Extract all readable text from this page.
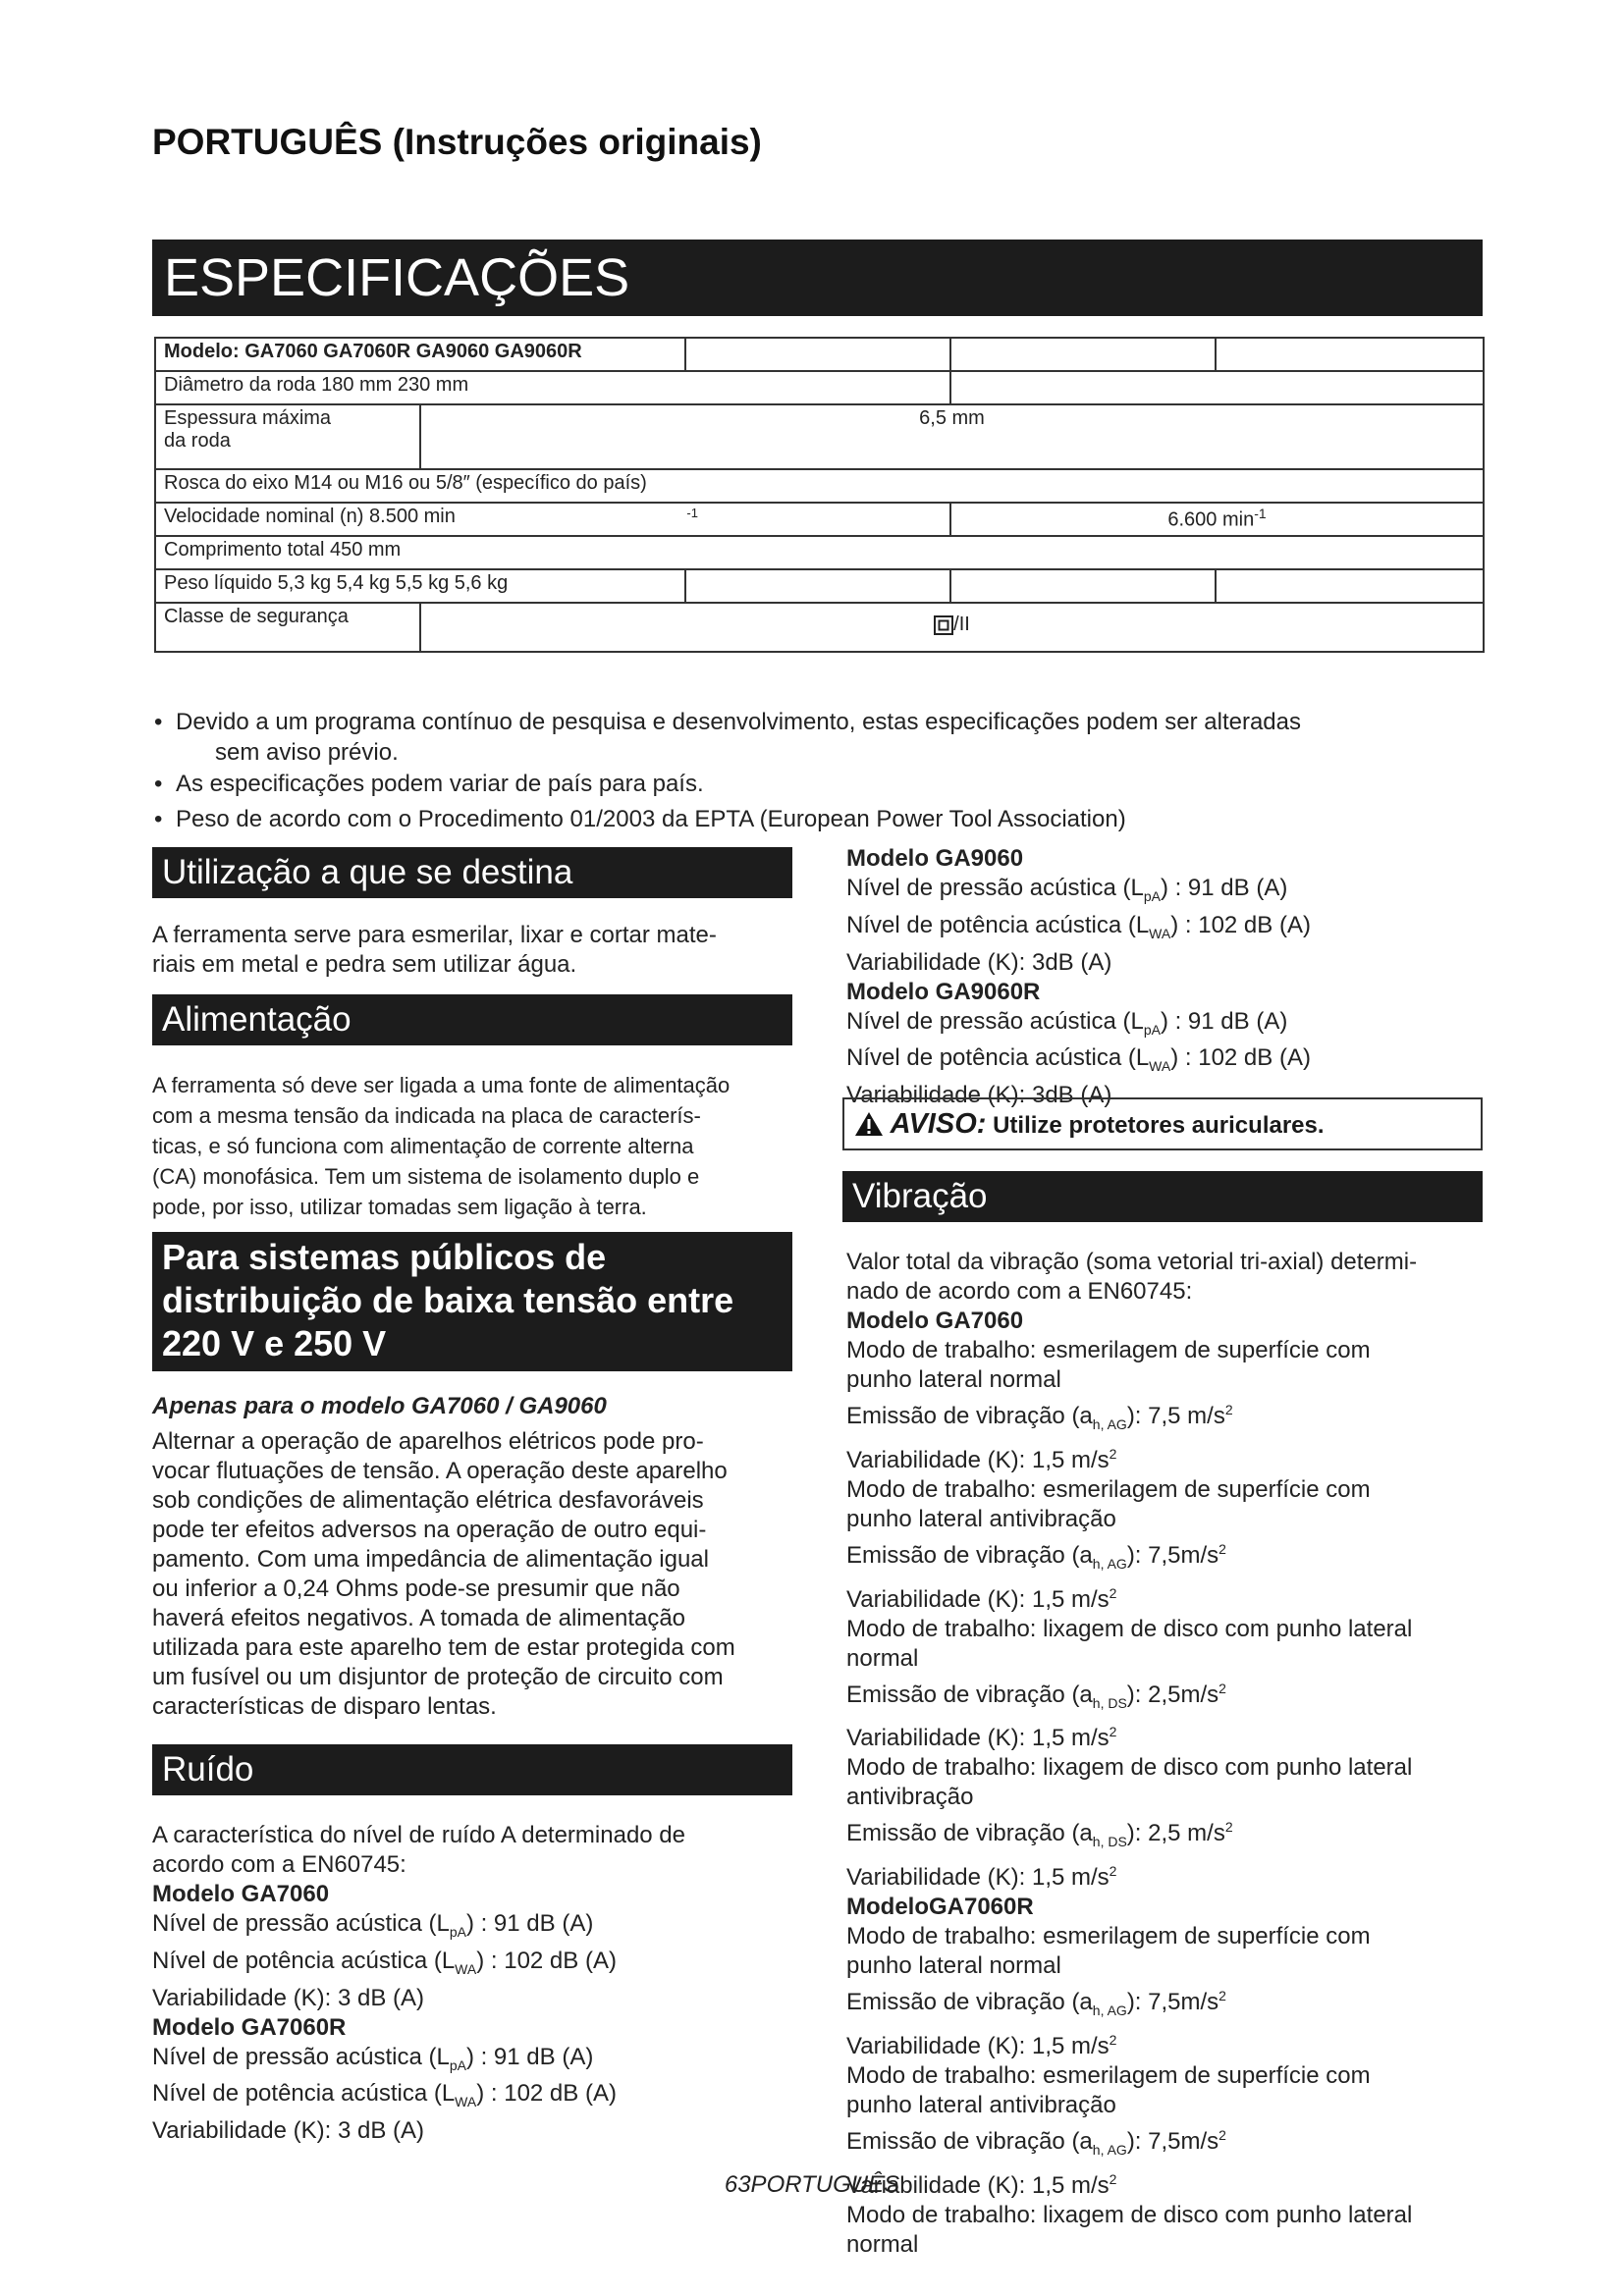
PORTUGUÊS (Instruções originais)
ESPECIFICAÇÕES
Modelo: GA7060 GA7060R GA9060 GA9060R				
Diâmetro da roda 180 mm 230 mm				

Espessura máxima
da roda	6,5 mm			
Rosca do eixo M14 ou M16 ou 5/8″ (específico do país)				
Velocidade nominal (n) 8.500 min $^{-1}$			6.600 $\min^{-1}$
Comprimento total 450 mm				
Peso líquido 5,3 kg 5,4 kg 5,5 kg 5,6 kg				
Classe de segurança	/II			
• Devido a um programa contínuo de pesquisa e desenvolvimento, estas especificações podem ser alteradas
sem aviso prévio.
• As especificações podem variar de país para país.
• Peso de acordo com o Procedimento 01/2003 da EPTA (European Power Tool Association)
Utilização a que se destina
A ferramenta serve para esmerilar, lixar e cortar mate-
riais em metal e pedra sem utilizar água.
Alimentação
A ferramenta só deve ser ligada a uma fonte de alimentação
com a mesma tensão da indicada na placa de caracterís-
ticas, e só funciona com alimentação de corrente alterna
(CA) monofásica. Tem um sistema de isolamento duplo e
pode, por isso, utilizar tomadas sem ligação à terra.
Para sistemas públicos de
distribuição de baixa tensão entre
220 V e 250 V
Apenas para o modelo GA7060 / GA9060
Alternar a operação de aparelhos elétricos pode pro-
vocar flutuações de tensão. A operação deste aparelho
sob condições de alimentação elétrica desfavoráveis
pode ter efeitos adversos na operação de outro equi-
pamento. Com uma impedância de alimentação igual
ou inferior a 0,24 Ohms pode-se presumir que não
haverá efeitos negativos. A tomada de alimentação
utilizada para este aparelho tem de estar protegida com
um fusível ou um disjuntor de proteção de circuito com
características de disparo lentas.
Ruído
A característica do nível de ruído A determinado de
acordo com a EN60745:
Modelo GA7060
Nível de pressão acústica $(L_{pA})$ : 91 dB (A)
Nível de potência acústica $(L_{WA})$ : 102 dB (A)
Variabilidade (K): 3 dB (A)
Modelo GA7060R
Nível de pressão acústica $(L_{pA})$ : 91 dB (A)
Nível de potência acústica $(L_{WA})$ : 102 dB (A)
Variabilidade (K): 3 dB (A)
Modelo GA9060
Nível de pressão acústica $(L_{pA})$ : 91 dB (A)
Nível de potência acústica $(L_{WA})$ : 102 dB (A)
Variabilidade (K): 3dB (A)
Modelo GA9060R
Nível de pressão acústica $(L_{pA})$ : 91 dB (A)
Nível de potência acústica $(L_{WA})$ : 102 dB (A)
Variabilidade (K): 3dB (A)
AVISO: Utilize protetores auriculares.
Vibração
Valor total da vibração (soma vetorial tri-axial) determi-
nado de acordo com a EN60745:
Modelo GA7060
Modo de trabalho: esmerilagem de superfície com
punho lateral normal
Emissão de vibração $(a_{h, AG})$: 7,5 $m/s^2$
Variabilidade (K): 1,5 $m/s^2$
Modo de trabalho: esmerilagem de superfície com
punho lateral antivibração
Emissão de vibração $(a_{h, AG})$: $7,5m/s^2$
Variabilidade (K): 1,5 $m/s^2$
Modo de trabalho: lixagem de disco com punho lateral
normal
Emissão de vibração $(a_{h, DS})$: $2,5m/s^2$
Variabilidade (K): 1,5 $m/s^2$
Modo de trabalho: lixagem de disco com punho lateral
antivibração
Emissão de vibração $(a_{h, DS})$: 2,5 $m/s^2$
Variabilidade (K): 1,5 $m/s^2$
ModeloGA7060R
Modo de trabalho: esmerilagem de superfície com
punho lateral normal
Emissão de vibração $(a_{h, AG})$: $7,5m/s^2$
Variabilidade (K): 1,5 $m/s^2$
Modo de trabalho: esmerilagem de superfície com
punho lateral antivibração
Emissão de vibração $(a_{h, AG})$: $7,5m/s^2$
Variabilidade (K): 1,5 $m/s^2$
Modo de trabalho: lixagem de disco com punho lateral
normal
63PORTUGUÊS
